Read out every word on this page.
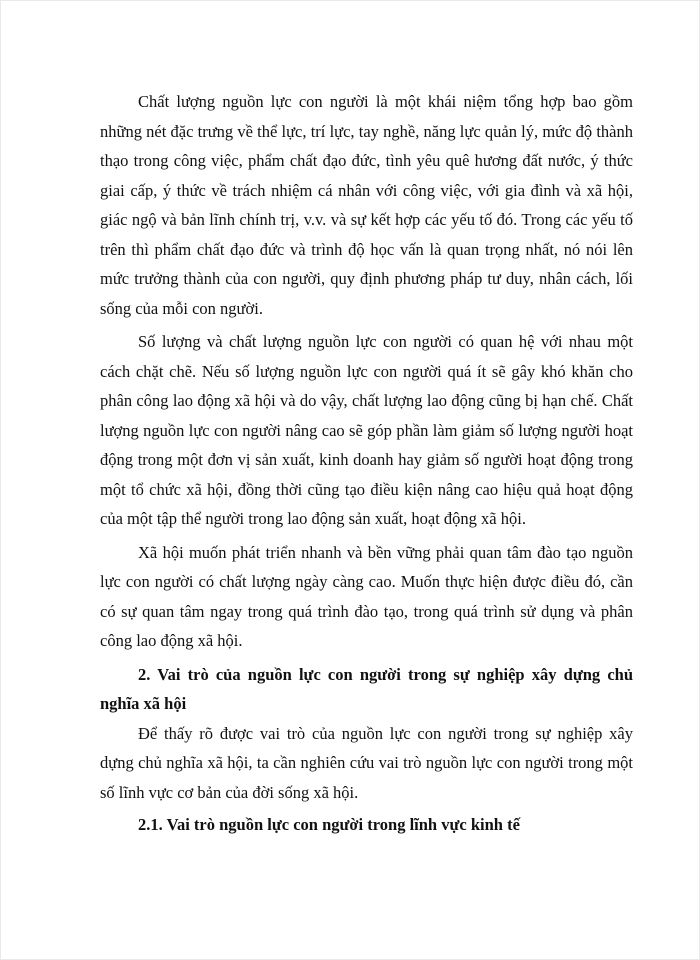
Chất lượng nguồn lực con người là một khái niệm tổng hợp bao gồm những nét đặc trưng về thể lực, trí lực, tay nghề, năng lực quản lý, mức độ thành thạo trong công việc, phẩm chất đạo đức, tình yêu quê hương đất nước, ý thức giai cấp, ý thức về trách nhiệm cá nhân với công việc, với gia đình và xã hội, giác ngộ và bản lĩnh chính trị, v.v. và sự kết hợp các yếu tố đó. Trong các yếu tố trên thì phẩm chất đạo đức và trình độ học vấn là quan trọng nhất, nó nói lên mức trưởng thành của con người, quy định phương pháp tư duy, nhân cách, lối sống của mỗi con người.

Số lượng và chất lượng nguồn lực con người có quan hệ với nhau một cách chặt chẽ. Nếu số lượng nguồn lực con người quá ít sẽ gây khó khăn cho phân công lao động xã hội và do vậy, chất lượng lao động cũng bị hạn chế. Chất lượng nguồn lực con người nâng cao sẽ góp phần làm giảm số lượng người hoạt động trong một đơn vị sản xuất, kinh doanh hay giảm số người hoạt động trong một tổ chức xã hội, đồng thời cũng tạo điều kiện nâng cao hiệu quả hoạt động của một tập thể người trong lao động sản xuất, hoạt động xã hội.

Xã hội muốn phát triển nhanh và bền vững phải quan tâm đào tạo nguồn lực con người có chất lượng ngày càng cao. Muốn thực hiện được điều đó, cần có sự quan tâm ngay trong quá trình đào tạo, trong quá trình sử dụng và phân công lao động xã hội.

2. Vai trò của nguồn lực con người trong sự nghiệp xây dựng chủ nghĩa xã hội

Để thấy rõ được vai trò của nguồn lực con người trong sự nghiệp xây dựng chủ nghĩa xã hội, ta cần nghiên cứu vai trò nguồn lực con người trong một số lĩnh vực cơ bản của đời sống xã hội.

2.1. Vai trò nguồn lực con người trong lĩnh vực kinh tế
